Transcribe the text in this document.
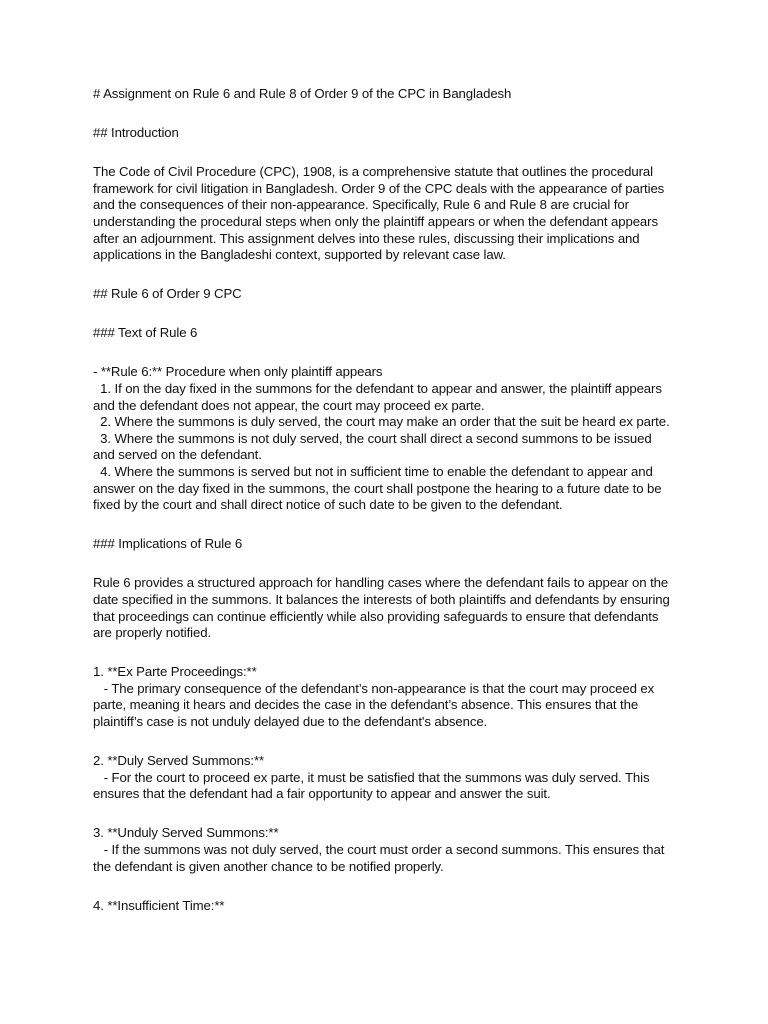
# Assignment on Rule 6 and Rule 8 of Order 9 of the CPC in Bangladesh

## Introduction

The Code of Civil Procedure (CPC), 1908, is a comprehensive statute that outlines the procedural

framework for civil litigation in Bangladesh. Order 9 of the CPC deals with the appearance of parties

and the consequences of their non-appearance. Specifically, Rule 6 and Rule 8 are crucial for

understanding the procedural steps when only the plaintiff appears or when the defendant appears

after an adjournment. This assignment delves into these rules, discussing their implications and

applications in the Bangladeshi context, supported by relevant case law.

## Rule 6 of Order 9 CPC

### Text of Rule 6

- **Rule 6:** Procedure when only plaintiff appears

1. If on the day fixed in the summons for the defendant to appear and answer, the plaintiff appears

and the defendant does not appear, the court may proceed ex parte.

2. Where the summons is duly served, the court may make an order that the suit be heard ex parte.

3. Where the summons is not duly served, the court shall direct a second summons to be issued

and served on the defendant.

4. Where the summons is served but not in sufficient time to enable the defendant to appear and

answer on the day fixed in the summons, the court shall postpone the hearing to a future date to be

fixed by the court and shall direct notice of such date to be given to the defendant.

### Implications of Rule 6

Rule 6 provides a structured approach for handling cases where the defendant fails to appear on the

date specified in the summons. It balances the interests of both plaintiffs and defendants by ensuring

that proceedings can continue efficiently while also providing safeguards to ensure that defendants

are properly notified.

1. **Ex Parte Proceedings:**

- The primary consequence of the defendant’s non-appearance is that the court may proceed ex

parte, meaning it hears and decides the case in the defendant’s absence. This ensures that the

plaintiff’s case is not unduly delayed due to the defendant's absence.

2. **Duly Served Summons:**

- For the court to proceed ex parte, it must be satisfied that the summons was duly served. This

ensures that the defendant had a fair opportunity to appear and answer the suit.

3. **Unduly Served Summons:**

- If the summons was not duly served, the court must order a second summons. This ensures that

the defendant is given another chance to be notified properly.

4. **Insufficient Time:**
